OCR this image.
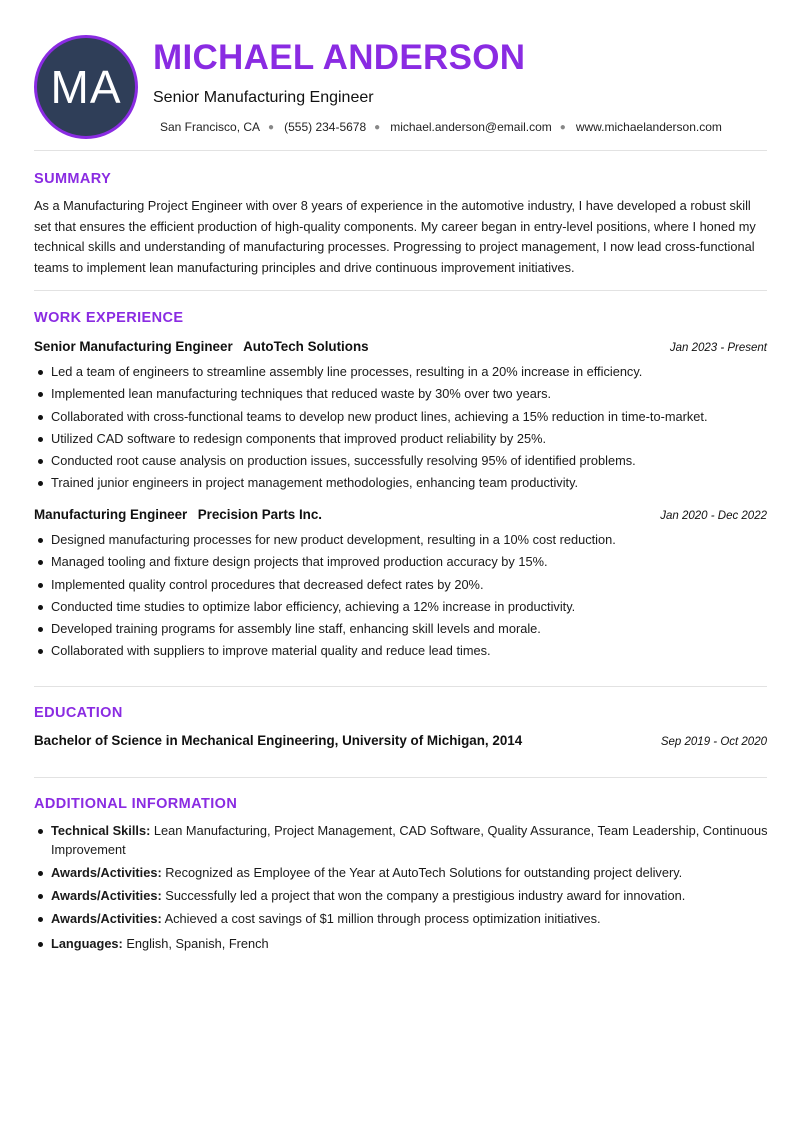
MA
MICHAEL ANDERSON
Senior Manufacturing Engineer
San Francisco, CA ● (555) 234-5678 ● michael.anderson@email.com ● www.michaelanderson.com
SUMMARY

As a Manufacturing Project Engineer with over 8 years of experience in the automotive industry, I have developed a robust skill set that ensures the efficient production of high-quality components. My career began in entry-level positions, where I honed my technical skills and understanding of manufacturing processes. Progressing to project management, I now lead cross-functional teams to implement lean manufacturing principles and drive continuous improvement initiatives.

WORK EXPERIENCE
Senior Manufacturing Engineer AutoTech Solutions	Jan 2023 - Present
Led a team of engineers to streamline assembly line processes, resulting in a 20% increase in efficiency.
Implemented lean manufacturing techniques that reduced waste by 30% over two years.
Collaborated with cross-functional teams to develop new product lines, achieving a 15% reduction in time-to-market.
Utilized CAD software to redesign components that improved product reliability by 25%.
Conducted root cause analysis on production issues, successfully resolving 95% of identified problems.
Trained junior engineers in project management methodologies, enhancing team productivity.
Manufacturing Engineer Precision Parts Inc.	Jan 2020 - Dec 2022
Designed manufacturing processes for new product development, resulting in a 10% cost reduction.
Managed tooling and fixture design projects that improved production accuracy by 15%.
Implemented quality control procedures that decreased defect rates by 20%.
Conducted time studies to optimize labor efficiency, achieving a 12% increase in productivity.
Developed training programs for assembly line staff, enhancing skill levels and morale.
Collaborated with suppliers to improve material quality and reduce lead times.
EDUCATION
Bachelor of Science in Mechanical Engineering, University of Michigan, 2014	Sep 2019 - Oct 2020
ADDITIONAL INFORMATION
Technical Skills: Lean Manufacturing, Project Management, CAD Software, Quality Assurance, Team Leadership, Continuous Improvement
Awards/Activities: Recognized as Employee of the Year at AutoTech Solutions for outstanding project delivery.
Awards/Activities: Successfully led a project that won the company a prestigious industry award for innovation.
Awards/Activities: Achieved a cost savings of $1 million through process optimization initiatives.
Languages: English, Spanish, French
